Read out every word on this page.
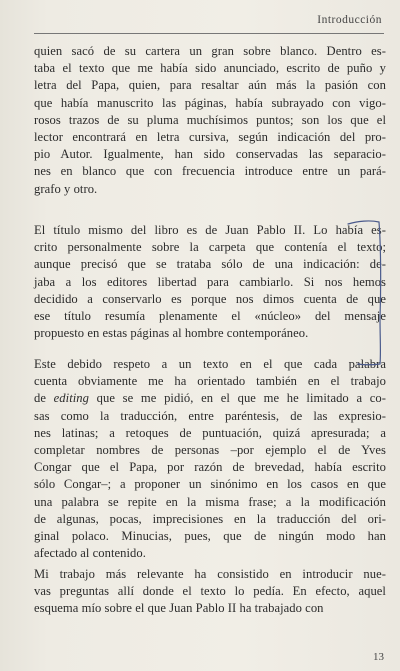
Introducción
quien sacó de su cartera un gran sobre blanco. Dentro es-
taba el texto que me había sido anunciado, escrito de puño y
letra del Papa, quien, para resaltar aún más la pasión con
que había manuscrito las páginas, había subrayado con vigo-
rosos trazos de su pluma muchísimos puntos; son los que el
lector encontrará en letra cursiva, según indicación del pro-
pio Autor. Igualmente, han sido conservadas las separacio-
nes en blanco que con frecuencia introduce entre un pará-
grafo y otro.
El título mismo del libro es de Juan Pablo II. Lo había es-
crito personalmente sobre la carpeta que contenía el texto;
aunque precisó que se trataba sólo de una indicación: de-
jaba a los editores libertad para cambiarlo. Si nos hemos
decidido a conservarlo es porque nos dimos cuenta de que
ese título resumía plenamente el «núcleo» del mensaje
propuesto en estas páginas al hombre contemporáneo.
Este debido respeto a un texto en el que cada palabra
cuenta obviamente me ha orientado también en el trabajo
de editing que se me pidió, en el que me he limitado a co-
sas como la traducción, entre paréntesis, de las expresio-
nes latinas; a retoques de puntuación, quizá apresurada; a
completar nombres de personas –por ejemplo el de Yves
Congar que el Papa, por razón de brevedad, había escrito
sólo Congar–; a proponer un sinónimo en los casos en que
una palabra se repite en la misma frase; a la modificación
de algunas, pocas, imprecisiones en la traducción del ori-
ginal polaco. Minucias, pues, que de ningún modo han
afectado al contenido.
Mi trabajo más relevante ha consistido en introducir nue-
vas preguntas allí donde el texto lo pedía. En efecto, aquel
esquema mío sobre el que Juan Pablo II ha trabajado con
13
